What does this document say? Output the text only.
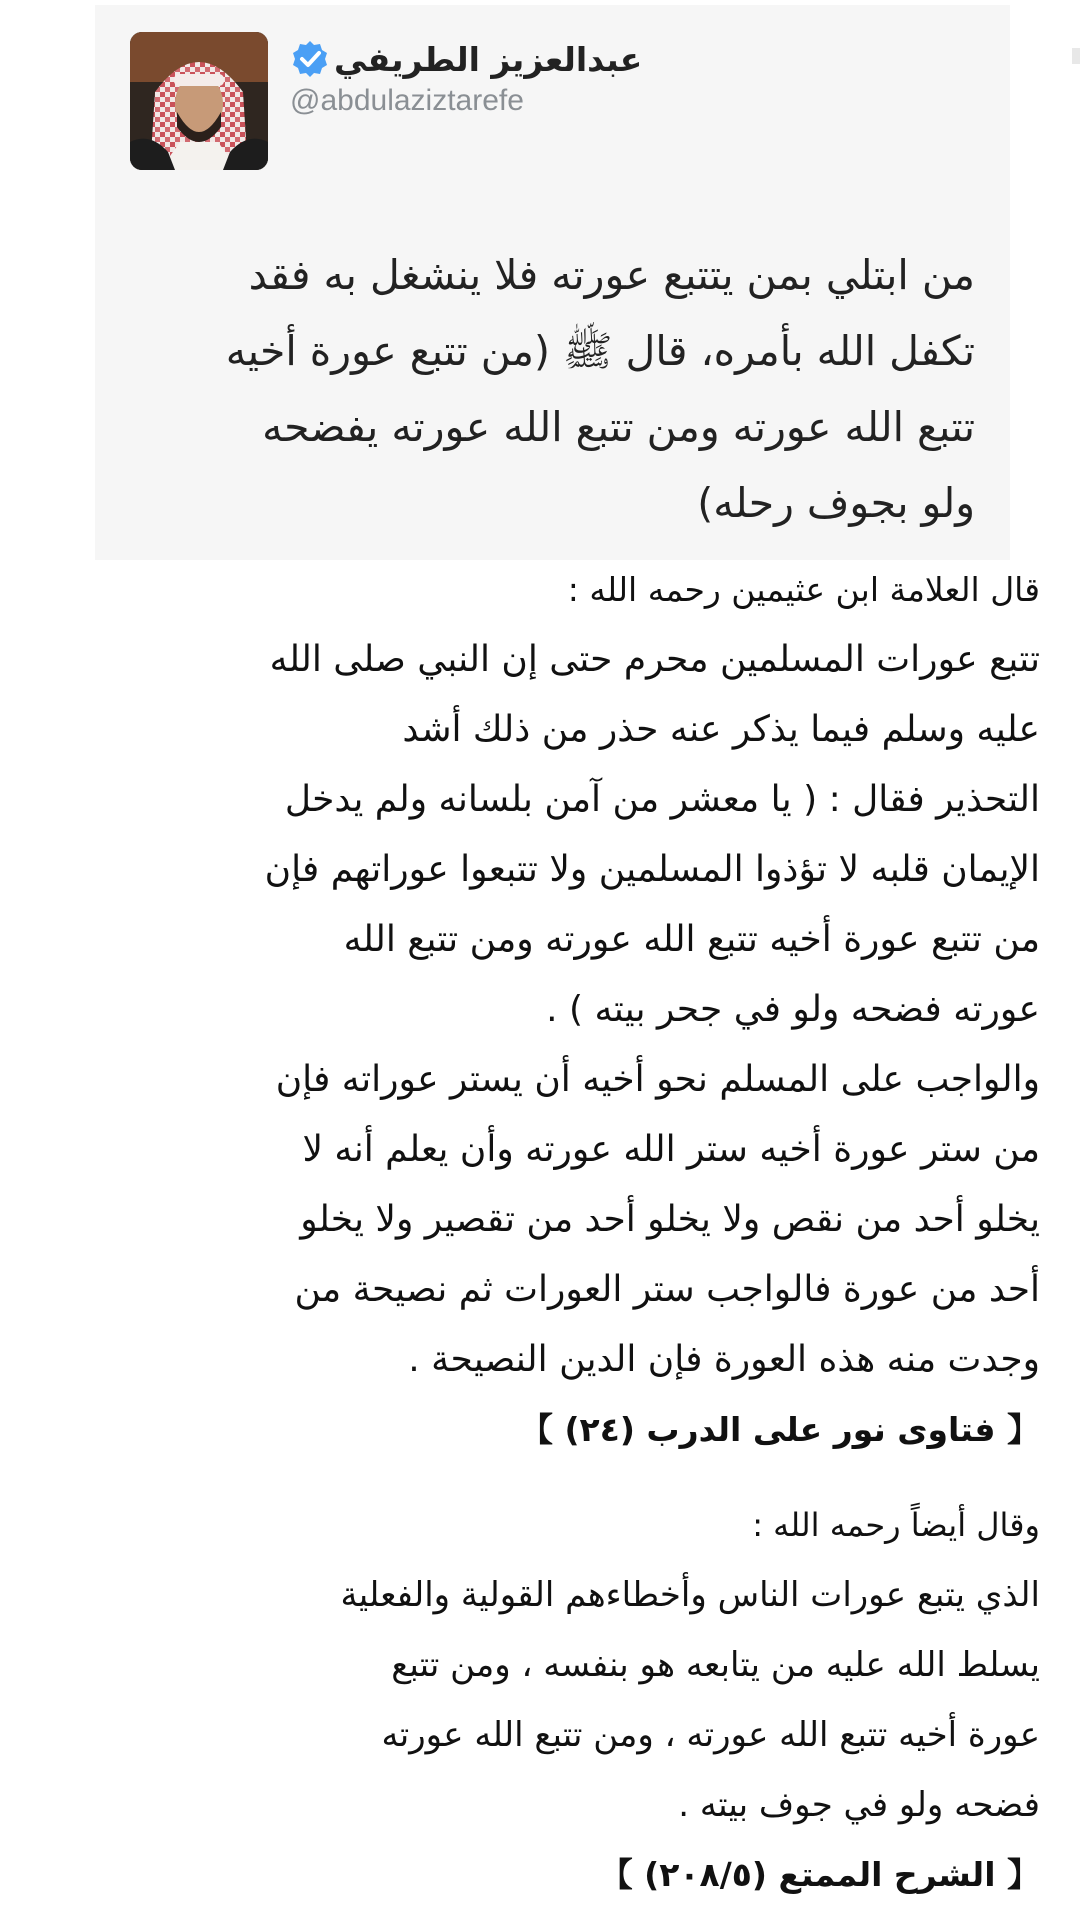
عبدالعزيز الطريفي
@abdulaziztarefe
من ابتلي بمن يتتبع عورته فلا ينشغل به فقد
تكفل الله بأمره، قال ﷺ (من تتبع عورة أخيه
تتبع الله عورته ومن تتبع الله عورته يفضحه
ولو بجوف رحله)
قال العلامة ابن عثيمين رحمه الله :
تتبع عورات المسلمين محرم حتى إن النبي صلى الله
عليه وسلم فيما يذكر عنه حذر من ذلك أشد
التحذير فقال : ( يا معشر من آمن بلسانه ولم يدخل
الإيمان قلبه لا تؤذوا المسلمين ولا تتبعوا عوراتهم فإن
من تتبع عورة أخيه تتبع الله عورته ومن تتبع الله
عورته فضحه ولو في جحر بيته ) .
والواجب على المسلم نحو أخيه أن يستر عوراته فإن
من ستر عورة أخيه ستر الله عورته وأن يعلم أنه لا
يخلو أحد من نقص ولا يخلو أحد من تقصير ولا يخلو
أحد من عورة فالواجب ستر العورات ثم نصيحة من
وجدت منه هذه العورة فإن الدين النصيحة .
【 فتاوى نور على الدرب (٢٤) 】
وقال أيضاً رحمه الله :
الذي يتبع عورات الناس وأخطاءهم القولية والفعلية
يسلط الله عليه من يتابعه هو بنفسه ، ومن تتبع
عورة أخيه تتبع الله عورته ، ومن تتبع الله عورته
فضحه ولو في جوف بيته .
【 الشرح الممتع (٢٠٨/٥) 】
